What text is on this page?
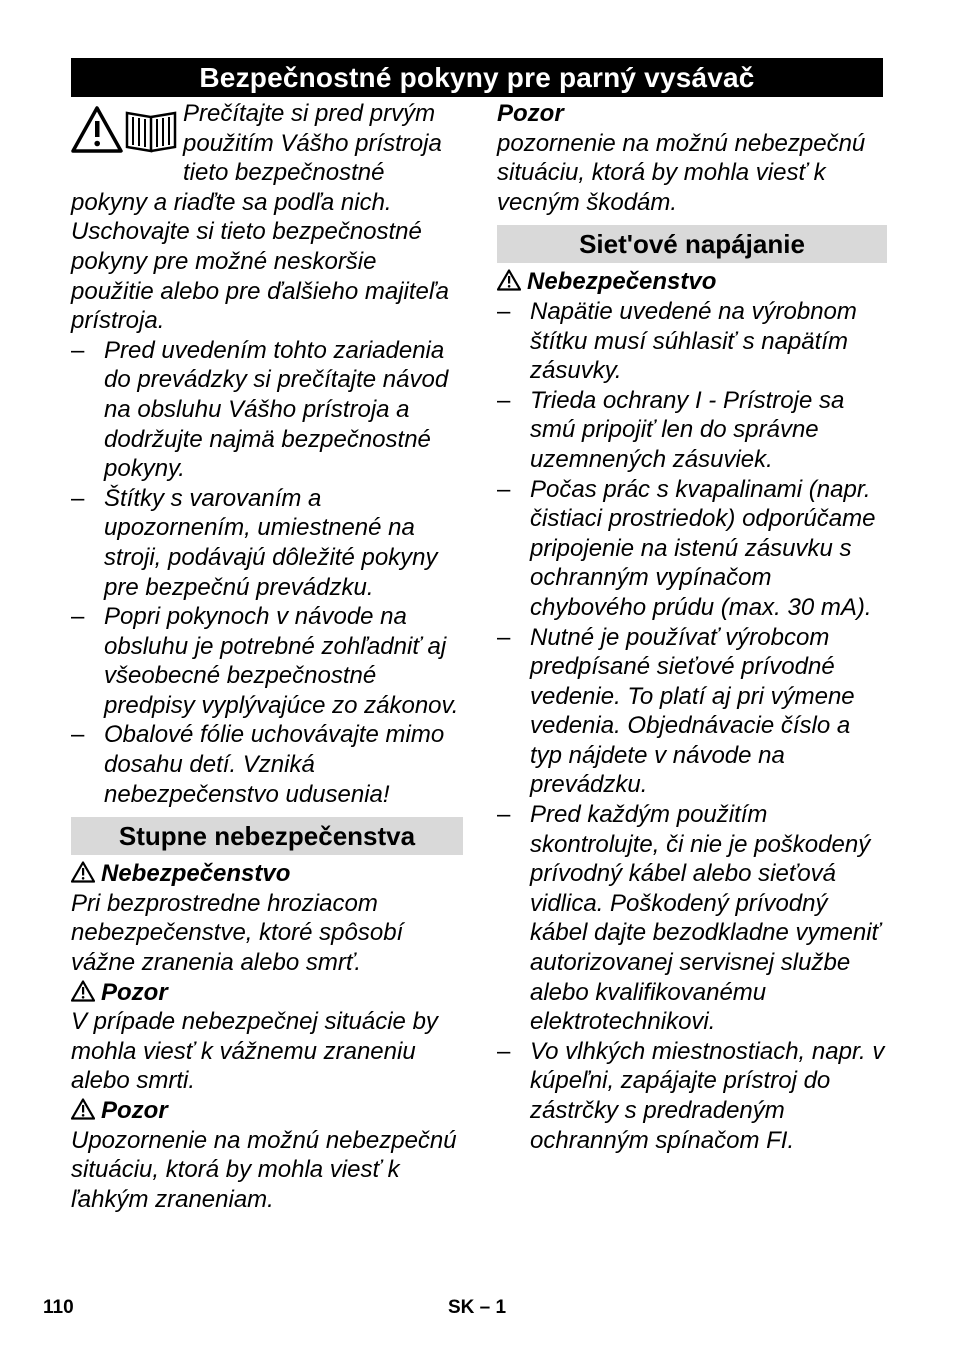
Bezpečnostné pokyny pre parný vysávač

Prečítajte si pred prvým použitím Vášho prístroja tieto bezpečnostné pokyny a riaďte sa podľa nich. Uschovajte si tieto bezpečnostné pokyny pre možné neskoršie použitie alebo pre ďalšieho majiteľa prístroja.

– Pred uvedením tohto zariadenia do prevádzky si prečítajte návod na obsluhu Vášho prístroja a dodržujte najmä bezpečnostné pokyny.
– Štítky s varovaním a upozornením, umiestnené na stroji, podávajú dôležité pokyny pre bezpečnú prevádzku.
– Popri pokynoch v návode na obsluhu je potrebné zohľadniť aj všeobecné bezpečnostné predpisy vyplývajúce zo zákonov.
– Obalové fólie uchovávajte mimo dosahu detí. Vzniká nebezpečenstvo udusenia!
Stupne nebezpečenstva
Nebezpečenstvo

Pri bezprostredne hroziacom nebezpečenstve, ktoré spôsobí vážne zranenia alebo smrť.

Pozor

V prípade nebezpečnej situácie by mohla viesť k vážnemu zraneniu alebo smrti.

Pozor

Upozornenie na možnú nebezpečnú situáciu, ktorá by mohla viesť k ľahkým zraneniam.

Pozor

pozornenie na možnú nebezpečnú situáciu, ktorá by mohla viesť k vecným škodám.

Siet'ové napájanie
Nebezpečenstvo
– Napätie uvedené na výrobnom štítku musí súhlasiť s napätím zásuvky.
– Trieda ochrany I - Prístroje sa smú pripojiť len do správne uzemnených zásuviek.
– Počas prác s kvapalinami (napr. čistiaci prostriedok) odporúčame pripojenie na istenú zásuvku s ochranným vypínačom chybového prúdu (max. 30 mA).
– Nutné je používať výrobcom predpísané sieťové prívodné vedenie. To platí aj pri výmene vedenia. Objednávacie číslo a typ nájdete v návode na prevádzku.
– Pred každým použitím skontrolujte, či nie je poškodený prívodný kábel alebo sieťová vidlica. Poškodený prívodný kábel dajte bezodkladne vymeniť autorizovanej servisnej službe alebo kvalifikovanému elektrotechnikovi.
– Vo vlhkých miestnostiach, napr. v kúpeľni, zapájajte prístroj do zástrčky s predradeným ochranným spínačom FI.
110	SK – 1
